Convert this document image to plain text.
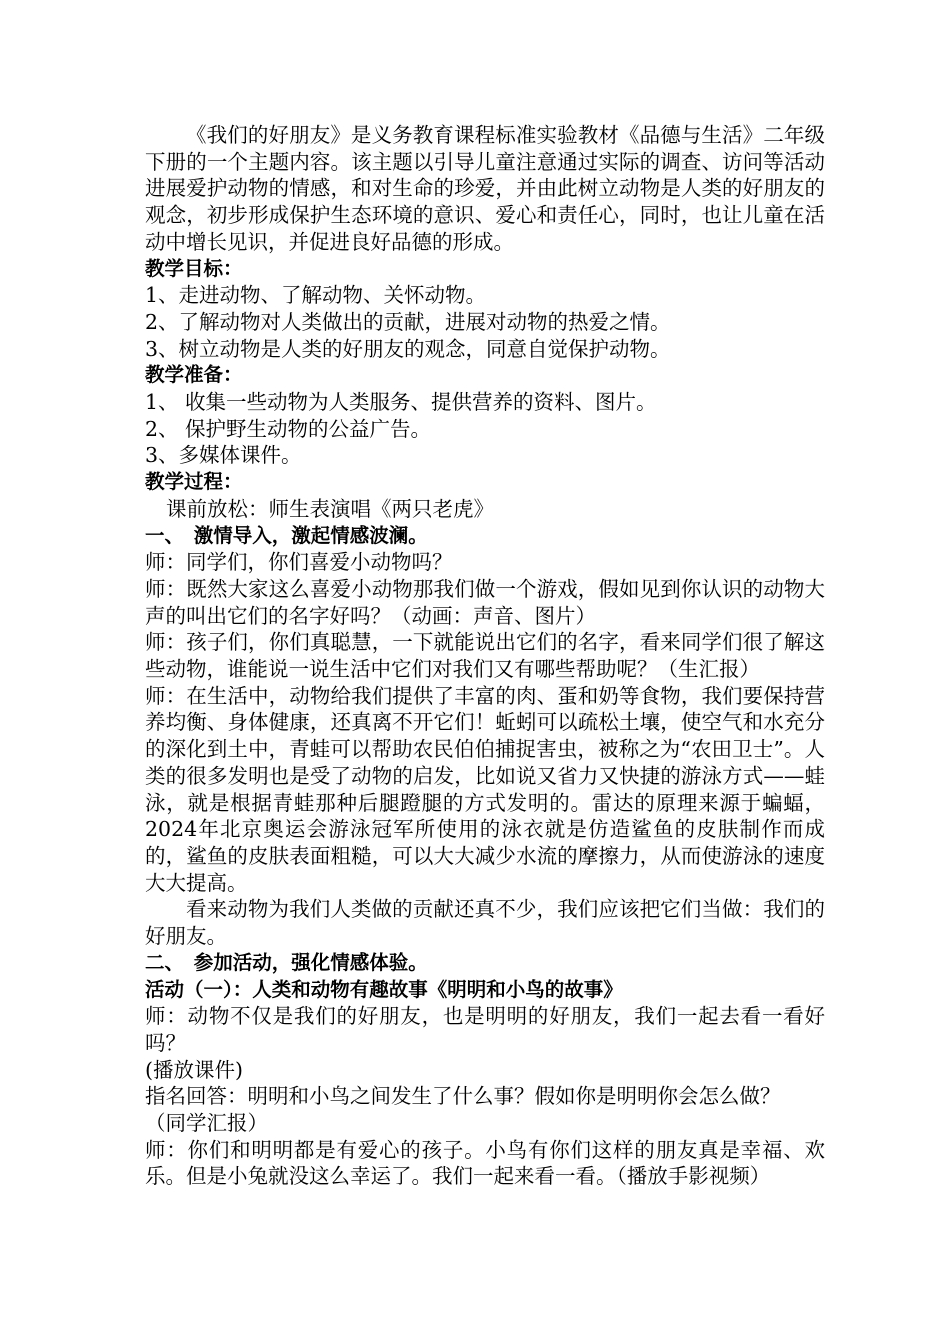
《我们的好朋友》是义务教育课程标准实验教材《品德与生活》二年级下册的一个主题内容。该主题以引导儿童注意通过实际的调查、访问等活动进展爱护动物的情感，和对生命的珍爱，并由此树立动物是人类的好朋友的观念，初步形成保护生态环境的意识、爱心和责任心，同时，也让儿童在活动中增长见识，并促进良好品德的形成。

教学目标：

1、走进动物、了解动物、关怀动物。

2、了解动物对人类做出的贡献，进展对动物的热爱之情。

3、树立动物是人类的好朋友的观念，同意自觉保护动物。

教学准备：

1、 收集一些动物为人类服务、提供营养的资料、图片。

2、 保护野生动物的公益广告。

3、多媒体课件。

教学过程：

课前放松：师生表演唱《两只老虎》

一、　激情导入，激起情感波澜。

师：同学们，你们喜爱小动物吗？

师：既然大家这么喜爱小动物那我们做一个游戏，假如见到你认识的动物大声的叫出它们的名字好吗？（动画：声音、图片）

师：孩子们，你们真聪慧，一下就能说出它们的名字，看来同学们很了解这些动物，谁能说一说生活中它们对我们又有哪些帮助呢？（生汇报）

师：在生活中，动物给我们提供了丰富的肉、蛋和奶等食物，我们要保持营养均衡、身体健康，还真离不开它们！蚯蚓可以疏松土壤，使空气和水充分的深化到土中，青蛙可以帮助农民伯伯捕捉害虫，被称之为“农田卫士”。人类的很多发明也是受了动物的启发，比如说又省力又快捷的游泳方式——蛙泳，就是根据青蛙那种后腿蹬腿的方式发明的。雷达的原理来源于蝙蝠，2024年北京奥运会游泳冠军所使用的泳衣就是仿造鲨鱼的皮肤制作而成的，鲨鱼的皮肤表面粗糙，可以大大减少水流的摩擦力，从而使游泳的速度大大提高。

看来动物为我们人类做的贡献还真不少，我们应该把它们当做：我们的好朋友。

二、　参加活动，强化情感体验。

活动（一）：人类和动物有趣故事《明明和小鸟的故事》

师：动物不仅是我们的好朋友，也是明明的好朋友，我们一起去看一看好吗？

(播放课件)

指名回答：明明和小鸟之间发生了什么事？假如你是明明你会怎么做？

（同学汇报）

师：你们和明明都是有爱心的孩子。小鸟有你们这样的朋友真是幸福、欢乐。但是小兔就没这么幸运了。我们一起来看一看。（播放手影视频）
